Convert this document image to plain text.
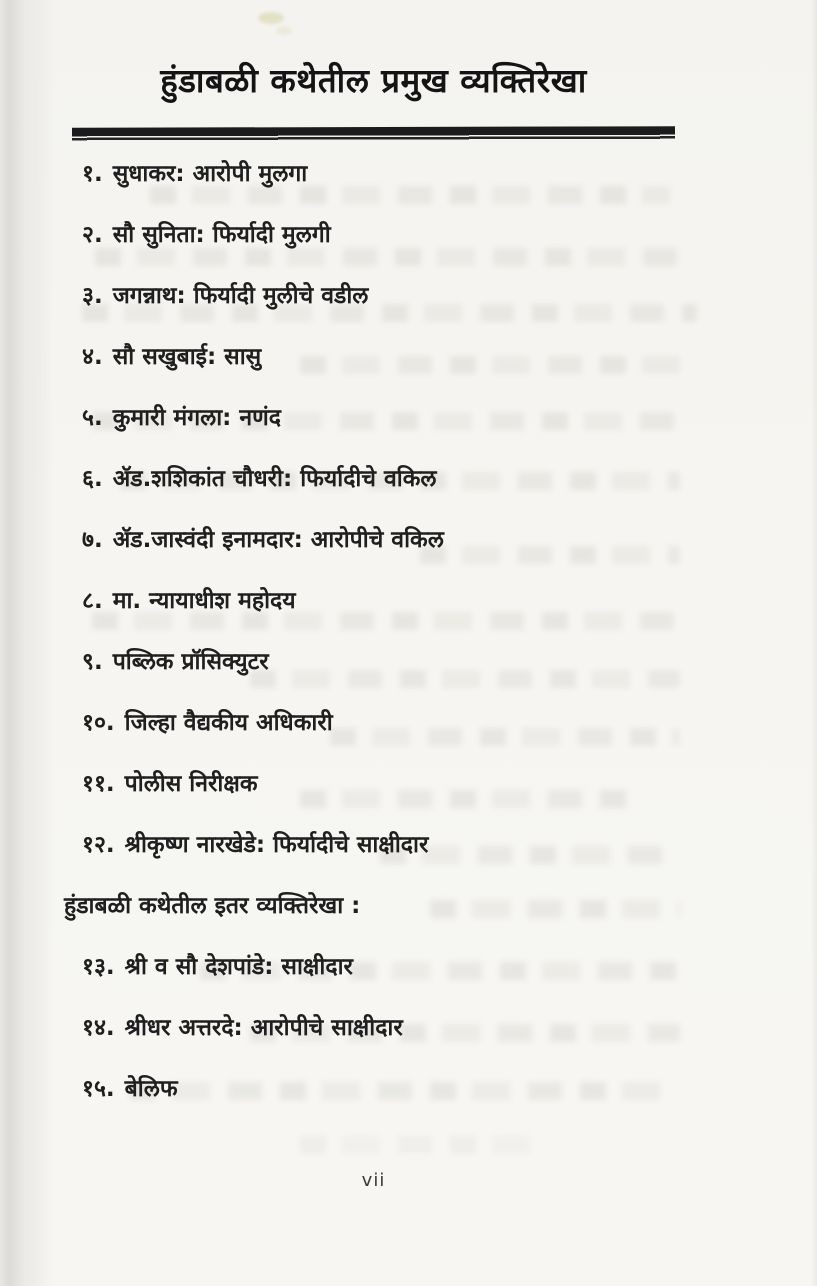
हुंडाबळी कथेतील प्रमुख व्यक्तिरेखा
१. सुधाकर: आरोपी मुलगा
२. सौ सुनिता: फिर्यादी मुलगी
३. जगन्नाथ: फिर्यादी मुलीचे वडील
४. सौ सखुबाई: सासु
५. कुमारी मंगला: नणंद
६. ॲड.शशिकांत चौधरी: फिर्यादीचे वकिल
७. ॲड.जास्वंदी इनामदार: आरोपीचे वकिल
८. मा. न्यायाधीश महोदय
९. पब्लिक प्रॉसिक्युटर
१०. जिल्हा वैद्यकीय अधिकारी
११. पोलीस निरीक्षक
१२. श्रीकृष्ण नारखेडे: फिर्यादीचे साक्षीदार
हुंडाबळी कथेतील इतर व्यक्तिरेखा :
१३. श्री व सौ देशपांडे: साक्षीदार
१४. श्रीधर अत्तरदे: आरोपीचे साक्षीदार
१५. बेलिफ
vii
